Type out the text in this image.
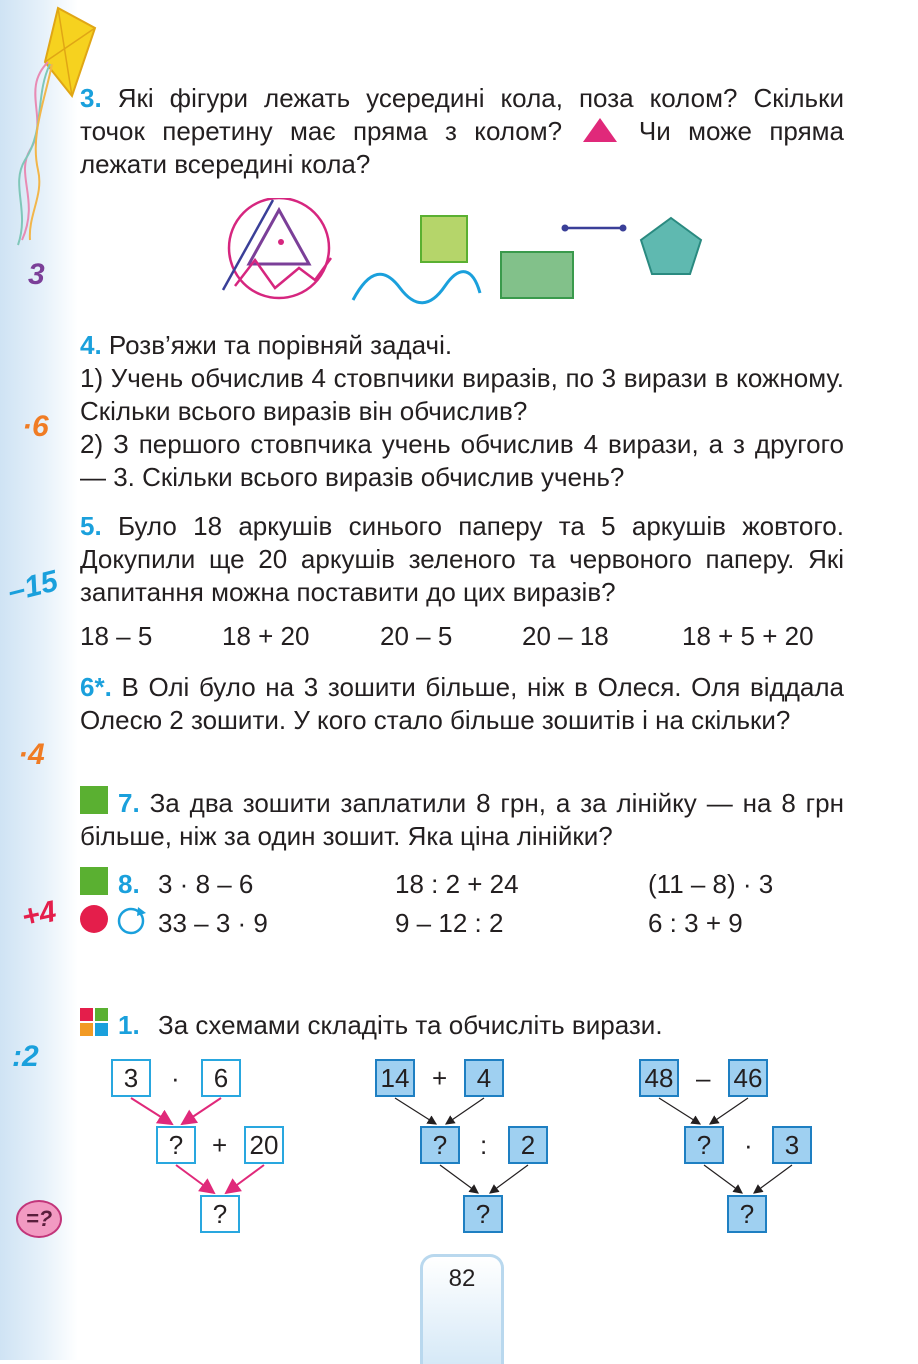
3
·6
–15
·4
+4
:2
=?

3. Які фігури лежать усередині кола, поза колом? Скільки точок перетину має пряма з колом?	Чи може пряма лежати всередині кола?

4. Розв’яжи та порівняй задачі.

1) Учень обчислив 4 стовпчики виразів, по 3 вирази в кожному. Скільки всього виразів він обчислив?

2) З першого стовпчика учень обчислив 4 вирази, а з другого — 3. Скільки всього виразів обчислив учень?

5. Було 18 аркушів синього паперу та 5 аркушів жовтого. Докупили ще 20 аркушів зеленого та червоного паперу. Які запитання можна поставити до цих виразів?

18 – 5	18 + 20	20 – 5	20 – 18	18 + 5 + 20

6*. В Олі було на 3 зошити більше, ніж в Олеся. Оля віддала Олесю 2 зошити. У кого стало більше зошитів і на скільки?

7. За два зошити заплатили 8 грн, а за лінійку — на 8 грн більше, ніж за один зошит. Яка ціна лінійки?

8. 3 · 8 – 6	18 : 2 + 24	(11 – 8) · 3
33 – 3 · 9	9 – 12 : 2	6 : 3 + 9
1. За схемами складіть та обчисліть вирази.
3	·	6
?	+ 20
?
14 +	4
?	:	2
?
48 – 46
?	·	3
?
82
